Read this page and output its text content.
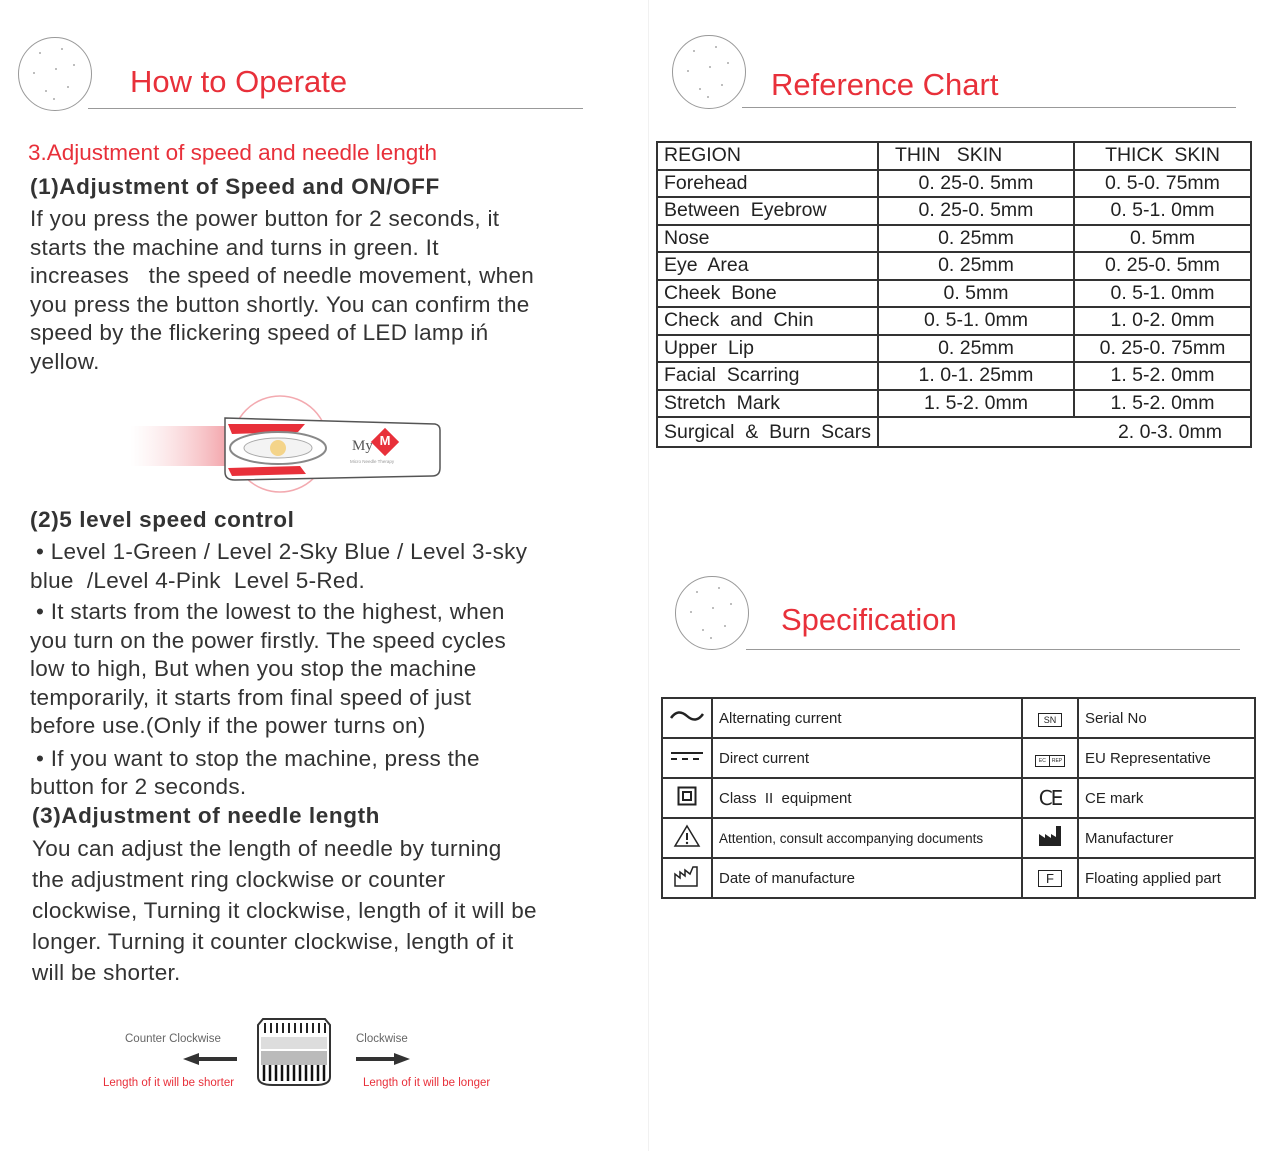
How to Operate
3.Adjustment of speed and needle length
(1)Adjustment of Speed and ON/OFF
If you press the power button for 2 seconds, it
starts the machine and turns in green. It
increases   the speed of needle movement, when
you press the button shortly. You can confirm the
speed by the flickering speed of LED lamp iń
yellow.
My M
Micro Needle Therapy
(2)5 level speed control
• Level 1-Green / Level 2-Sky Blue / Level 3-sky
blue  /Level 4-Pink  Level 5-Red.
• It starts from the lowest to the highest, when
you turn on the power firstly. The speed cycles
low to high, But when you stop the machine
temporarily, it starts from final speed of just
before use.(Only if the power turns on)
• If you want to stop the machine, press the
button for 2 seconds.
(3)Adjustment of needle length
You can adjust the length of needle by turning
the adjustment ring clockwise or counter
clockwise, Turning it clockwise, length of it will be
longer. Turning it counter clockwise, length of it
will be shorter.
Counter Clockwise
Length of it will be shorter
Clockwise
Length of it will be longer
Reference Chart
REGION	THIN   SKIN	THICK  SKIN
Forehead	0. 25-0. 5mm	0. 5-0. 75mm
Between  Eyebrow	0. 25-0. 5mm	0. 5-1. 0mm
Nose	0. 25mm	0. 5mm
Eye  Area	0. 25mm	0. 25-0. 5mm
Cheek  Bone	0. 5mm	0. 5-1. 0mm
Check  and  Chin	0. 5-1. 0mm	1. 0-2. 0mm
Upper  Lip	0. 25mm	0. 25-0. 75mm
Facial  Scarring	1. 0-1. 25mm	1. 5-2. 0mm
Stretch  Mark	1. 5-2. 0mm	1. 5-2. 0mm
Surgical  &  Burn  Scars	2. 0-3. 0mm	
Specification
	Alternating current	SN	Serial No
	Direct current	EC REP	EU Representative
	Class  II  equipment	CE	CE mark
	Attention, consult accompanying documents		Manufacturer
	Date of manufacture	F	Floating applied part
